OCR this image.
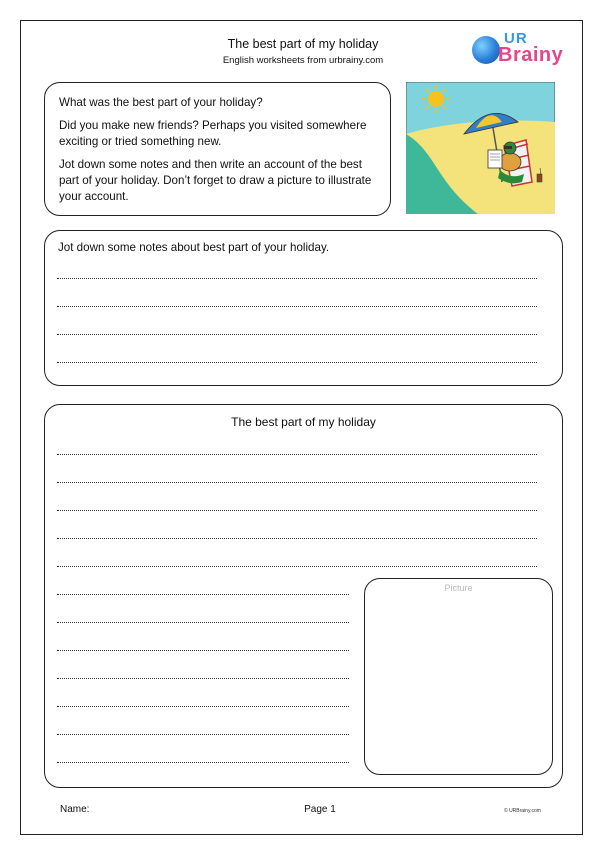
The best part of my holiday
English worksheets from urbrainy.com
UR
Brainy

What was the best part of your holiday?

Did you make new friends? Perhaps you visited somewhere exciting or tried something new.

Jot down some notes and then write an account of the best part of your holiday. Don’t forget to draw a picture to illustrate your account.

Jot down some notes about best part of your holiday.
The best part of my holiday
Picture
Name:	Page 1	© URBrainy.com
